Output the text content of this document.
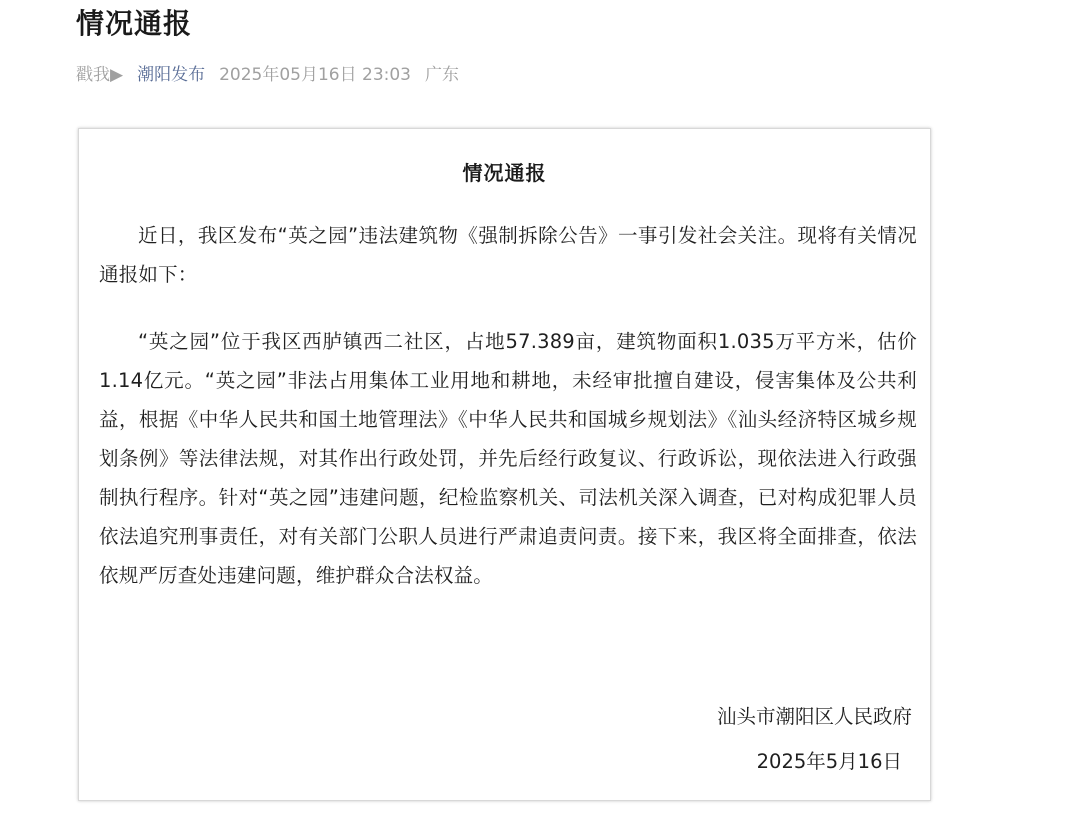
情况通报
戳我▶ 潮阳发布 2025年05月16日 23:03 广东
情况通报
近日，我区发布“英之园”违法建筑物《强制拆除公告》一事引发社会关注。现将有关情况通报如下：
“英之园”位于我区西胪镇西二社区，占地57.389亩，建筑物面积1.035万平方米，估价1.14亿元。“英之园”非法占用集体工业用地和耕地，未经审批擅自建设，侵害集体及公共利益，根据《中华人民共和国土地管理法》《中华人民共和国城乡规划法》《汕头经济特区城乡规划条例》等法律法规，对其作出行政处罚，并先后经行政复议、行政诉讼，现依法进入行政强制执行程序。针对“英之园”违建问题，纪检监察机关、司法机关深入调查，已对构成犯罪人员依法追究刑事责任，对有关部门公职人员进行严肃追责问责。接下来，我区将全面排查，依法依规严厉查处违建问题，维护群众合法权益。
汕头市潮阳区人民政府
2025年5月16日
